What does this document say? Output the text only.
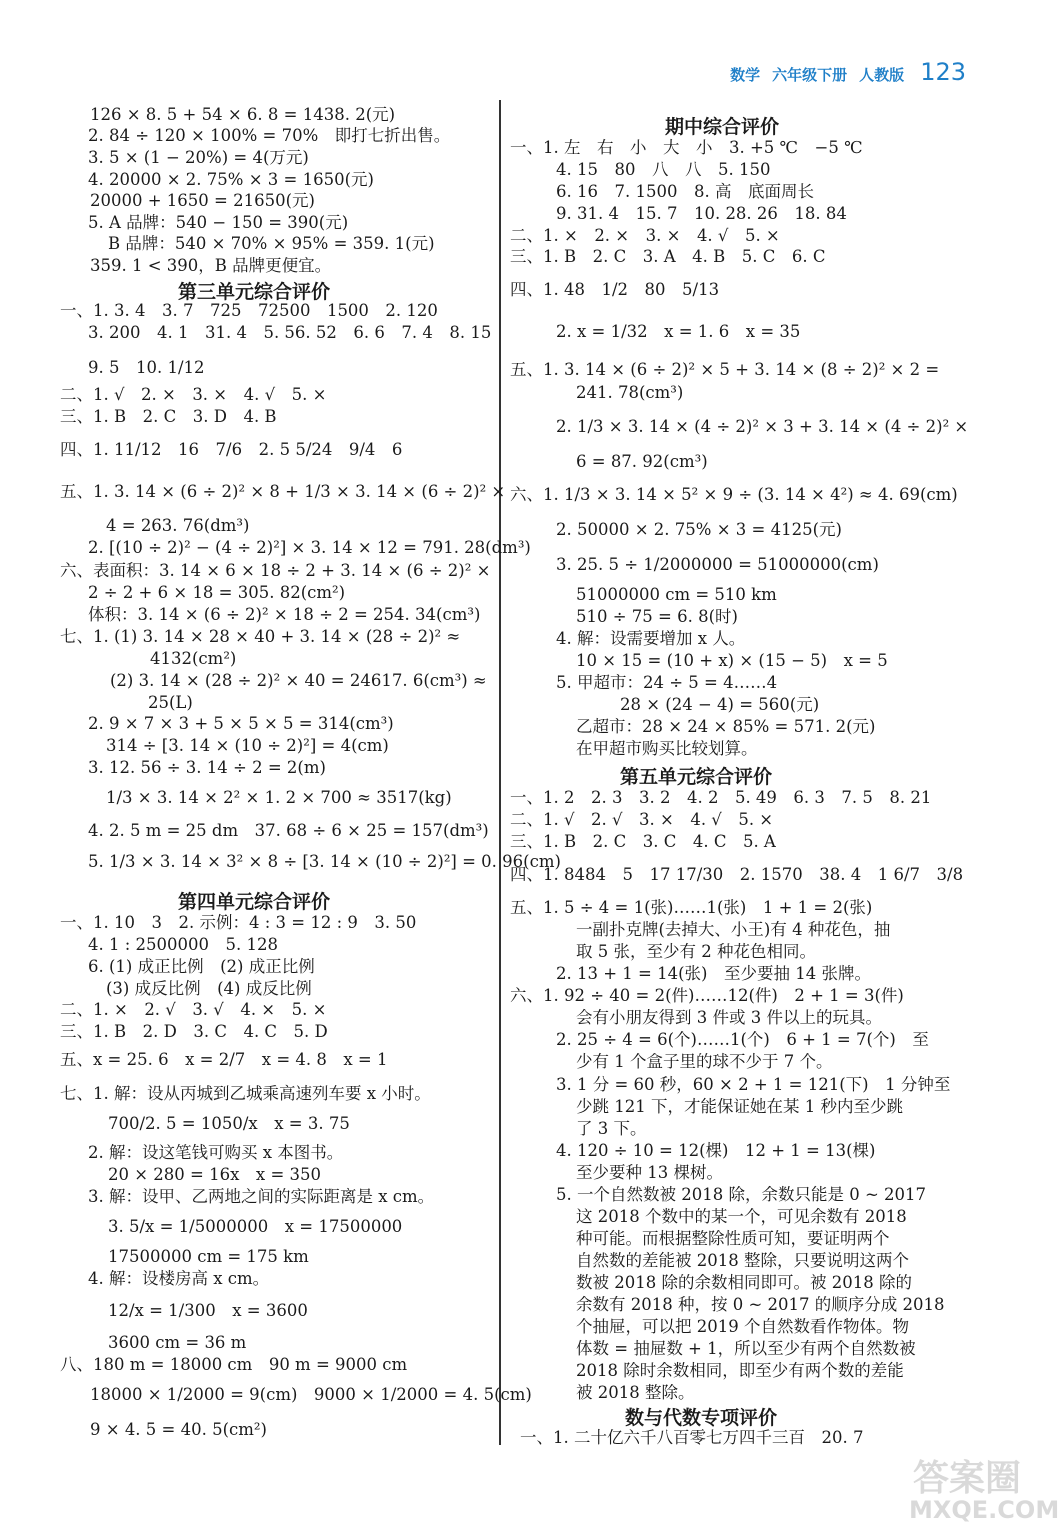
数学 六年级下册 人教版 123
126 × 8. 5 + 54 × 6. 8 = 1438. 2(元)
2. 84 ÷ 120 × 100% = 70%　即打七折出售。
3. 5 × (1 − 20%) = 4(万元)
4. 20000 × 2. 75% × 3 = 1650(元)
20000 + 1650 = 21650(元)
5. A 品牌：540 − 150 = 390(元)
B 品牌：540 × 70% × 95% = 359. 1(元)
359. 1 < 390，B 品牌更便宜。
第三单元综合评价
一、1. 3. 4　3. 7　725　72500　1500　2. 120
3. 200　4. 1　31. 4　5. 56. 52　6. 6　7. 4　8. 15
9. 5　10. 1/12
二、1. √　2. ×　3. ×　4. √　5. ×
三、1. B　2. C　3. D　4. B
四、1. 11/12　16　7/6　2. 5 5/24　9/4　6
五、1. 3. 14 × (6 ÷ 2)² × 8 + 1/3 × 3. 14 × (6 ÷ 2)² ×
4 = 263. 76(dm³)
2. [(10 ÷ 2)² − (4 ÷ 2)²] × 3. 14 × 12 = 791. 28(dm³)
六、表面积：3. 14 × 6 × 18 ÷ 2 + 3. 14 × (6 ÷ 2)² ×
2 ÷ 2 + 6 × 18 = 305. 82(cm²)
体积：3. 14 × (6 ÷ 2)² × 18 ÷ 2 = 254. 34(cm³)
七、1. (1) 3. 14 × 28 × 40 + 3. 14 × (28 ÷ 2)² ≈
4132(cm²)
(2) 3. 14 × (28 ÷ 2)² × 40 = 24617. 6(cm³) ≈
25(L)
2. 9 × 7 × 3 + 5 × 5 × 5 = 314(cm³)
314 ÷ [3. 14 × (10 ÷ 2)²] = 4(cm)
3. 12. 56 ÷ 3. 14 ÷ 2 = 2(m)
1/3 × 3. 14 × 2² × 1. 2 × 700 ≈ 3517(kg)
4. 2. 5 m = 25 dm　37. 68 ÷ 6 × 25 = 157(dm³)
5. 1/3 × 3. 14 × 3² × 8 ÷ [3. 14 × (10 ÷ 2)²] = 0. 96(cm)
第四单元综合评价
一、1. 10　3　2. 示例：4 : 3 = 12 : 9　3. 50
4. 1 : 2500000　5. 128
6. (1) 成正比例　(2) 成正比例
(3) 成反比例　(4) 成反比例
二、1. ×　2. √　3. √　4. ×　5. ×
三、1. B　2. D　3. C　4. C　5. D
五、x = 25. 6　x = 2/7　x = 4. 8　x = 1
七、1. 解：设从丙城到乙城乘高速列车要 x 小时。
700/2. 5 = 1050/x　x = 3. 75
2. 解：设这笔钱可购买 x 本图书。
20 × 280 = 16x　x = 350
3. 解：设甲、乙两地之间的实际距离是 x cm。
3. 5/x = 1/5000000　x = 17500000
17500000 cm = 175 km
4. 解：设楼房高 x cm。
12/x = 1/300　x = 3600
3600 cm = 36 m
八、180 m = 18000 cm　90 m = 9000 cm
18000 × 1/2000 = 9(cm)　9000 × 1/2000 = 4. 5(cm)
9 × 4. 5 = 40. 5(cm²)
期中综合评价
一、1. 左　右　小　大　小　3. +5 ℃　−5 ℃
4. 15　80　八　八　5. 150
6. 16　7. 1500　8. 高　底面周长
9. 31. 4　15. 7　10. 28. 26　18. 84
二、1. ×　2. ×　3. ×　4. √　5. ×
三、1. B　2. C　3. A　4. B　5. C　6. C
四、1. 48　1/2　80　5/13
2. x = 1/32　x = 1. 6　x = 35
五、1. 3. 14 × (6 ÷ 2)² × 5 + 3. 14 × (8 ÷ 2)² × 2 =
241. 78(cm³)
2. 1/3 × 3. 14 × (4 ÷ 2)² × 3 + 3. 14 × (4 ÷ 2)² ×
6 = 87. 92(cm³)
六、1. 1/3 × 3. 14 × 5² × 9 ÷ (3. 14 × 4²) ≈ 4. 69(cm)
2. 50000 × 2. 75% × 3 = 4125(元)
3. 25. 5 ÷ 1/2000000 = 51000000(cm)
51000000 cm = 510 km
510 ÷ 75 = 6. 8(时)
4. 解：设需要增加 x 人。
10 × 15 = (10 + x) × (15 − 5)　x = 5
5. 甲超市：24 ÷ 5 = 4……4
28 × (24 − 4) = 560(元)
乙超市：28 × 24 × 85% = 571. 2(元)
在甲超市购买比较划算。
第五单元综合评价
一、1. 2　2. 3　3. 2　4. 2　5. 49　6. 3　7. 5　8. 21
二、1. √　2. √　3. ×　4. √　5. ×
三、1. B　2. C　3. C　4. C　5. A
四、1. 8484　5　17 17/30　2. 1570　38. 4　1 6/7　3/8
五、1. 5 ÷ 4 = 1(张)……1(张)　1 + 1 = 2(张)
一副扑克牌(去掉大、小王)有 4 种花色，抽
取 5 张，至少有 2 种花色相同。
2. 13 + 1 = 14(张)　至少要抽 14 张牌。
六、1. 92 ÷ 40 = 2(件)……12(件)　2 + 1 = 3(件)
会有小朋友得到 3 件或 3 件以上的玩具。
2. 25 ÷ 4 = 6(个)……1(个)　6 + 1 = 7(个)　至
少有 1 个盒子里的球不少于 7 个。
3. 1 分 = 60 秒，60 × 2 + 1 = 121(下)　1 分钟至
少跳 121 下，才能保证她在某 1 秒内至少跳
了 3 下。
4. 120 ÷ 10 = 12(棵)　12 + 1 = 13(棵)
至少要种 13 棵树。
5. 一个自然数被 2018 除，余数只能是 0 ~ 2017
这 2018 个数中的某一个，可见余数有 2018
种可能。而根据整除性质可知，要证明两个
自然数的差能被 2018 整除，只要说明这两个
数被 2018 除的余数相同即可。被 2018 除的
余数有 2018 种，按 0 ~ 2017 的顺序分成 2018
个抽屉，可以把 2019 个自然数看作物体。物
体数 = 抽屉数 + 1，所以至少有两个自然数被
2018 除时余数相同，即至少有两个数的差能
被 2018 整除。
数与代数专项评价
一、1. 二十亿六千八百零七万四千三百　20. 7
答案圈
MXQE.COM
